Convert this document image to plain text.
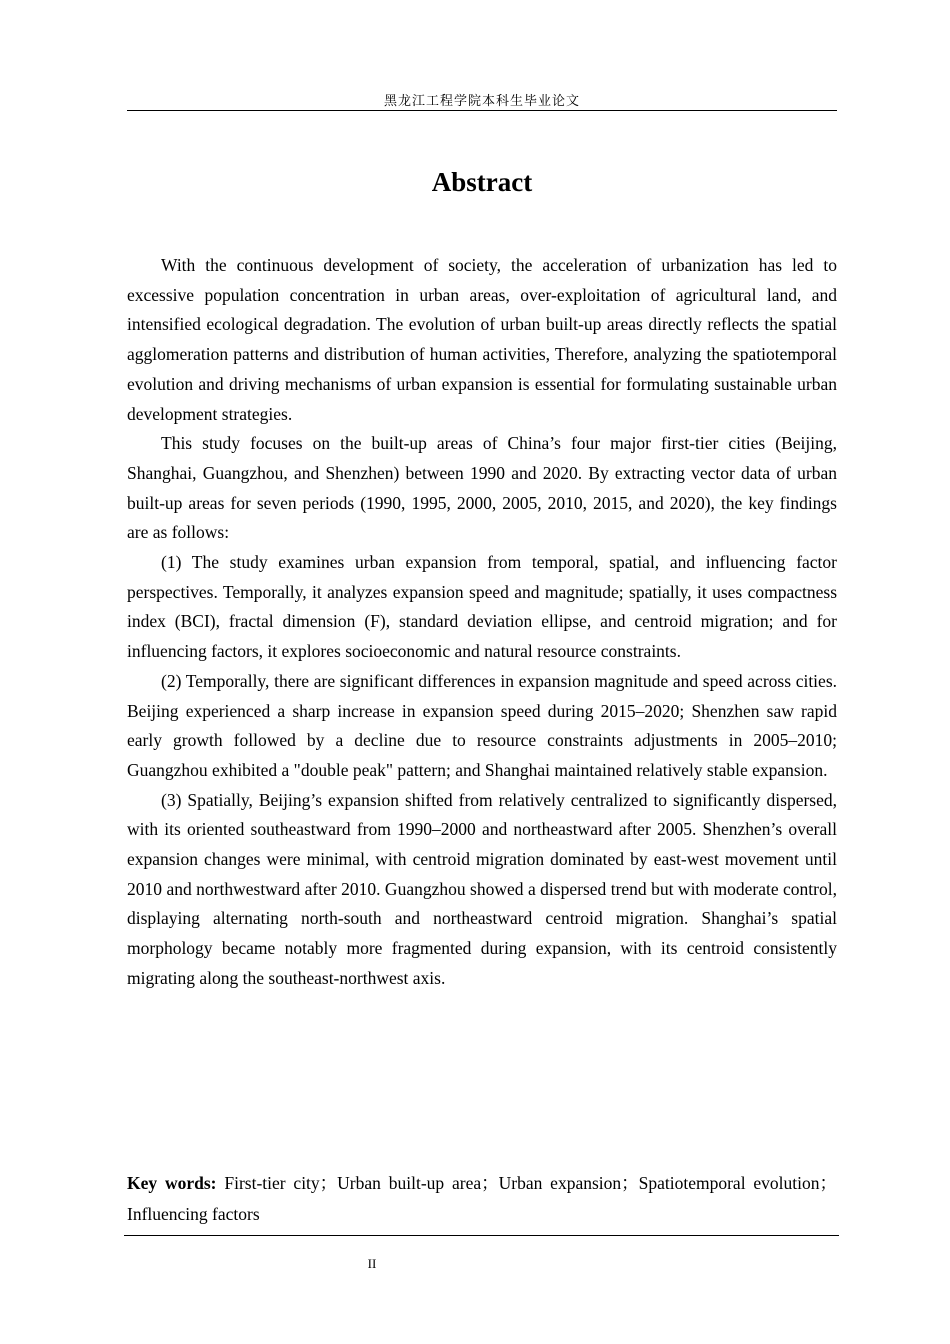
黑龙江工程学院本科生毕业论文
Abstract

With the continuous development of society, the acceleration of urbanization has led to excessive population concentration in urban areas, over-exploitation of agricultural land, and intensified ecological degradation. The evolution of urban built-up areas directly reflects the spatial agglomeration patterns and distribution of human activities, Therefore, analyzing the spatiotemporal evolution and driving mechanisms of urban expansion is essential for formulating sustainable urban development strategies.

This study focuses on the built-up areas of China’s four major first-tier cities (Beijing, Shanghai, Guangzhou, and Shenzhen) between 1990 and 2020. By extracting vector data of urban built-up areas for seven periods (1990, 1995, 2000, 2005, 2010, 2015, and 2020), the key findings are as follows:

(1) The study examines urban expansion from temporal, spatial, and influencing factor perspectives. Temporally, it analyzes expansion speed and magnitude; spatially, it uses compactness index (BCI), fractal dimension (F), standard deviation ellipse, and centroid migration; and for influencing factors, it explores socioeconomic and natural resource constraints.

(2) Temporally, there are significant differences in expansion magnitude and speed across cities. Beijing experienced a sharp increase in expansion speed during 2015–2020; Shenzhen saw rapid early growth followed by a decline due to resource constraints adjustments in 2005–2010; Guangzhou exhibited a "double peak" pattern; and Shanghai maintained relatively stable expansion.

(3) Spatially, Beijing’s expansion shifted from relatively centralized to significantly dispersed, with its oriented southeastward from 1990–2000 and northeastward after 2005. Shenzhen’s overall expansion changes were minimal, with centroid migration dominated by east-west movement until 2010 and northwestward after 2010. Guangzhou showed a dispersed trend but with moderate control, displaying alternating north-south and northeastward centroid migration. Shanghai’s spatial morphology became notably more fragmented during expansion, with its centroid consistently migrating along the southeast-northwest axis.

Key words: First-tier city；Urban built-up area；Urban expansion；Spatiotemporal evolution；Influencing factors
II
